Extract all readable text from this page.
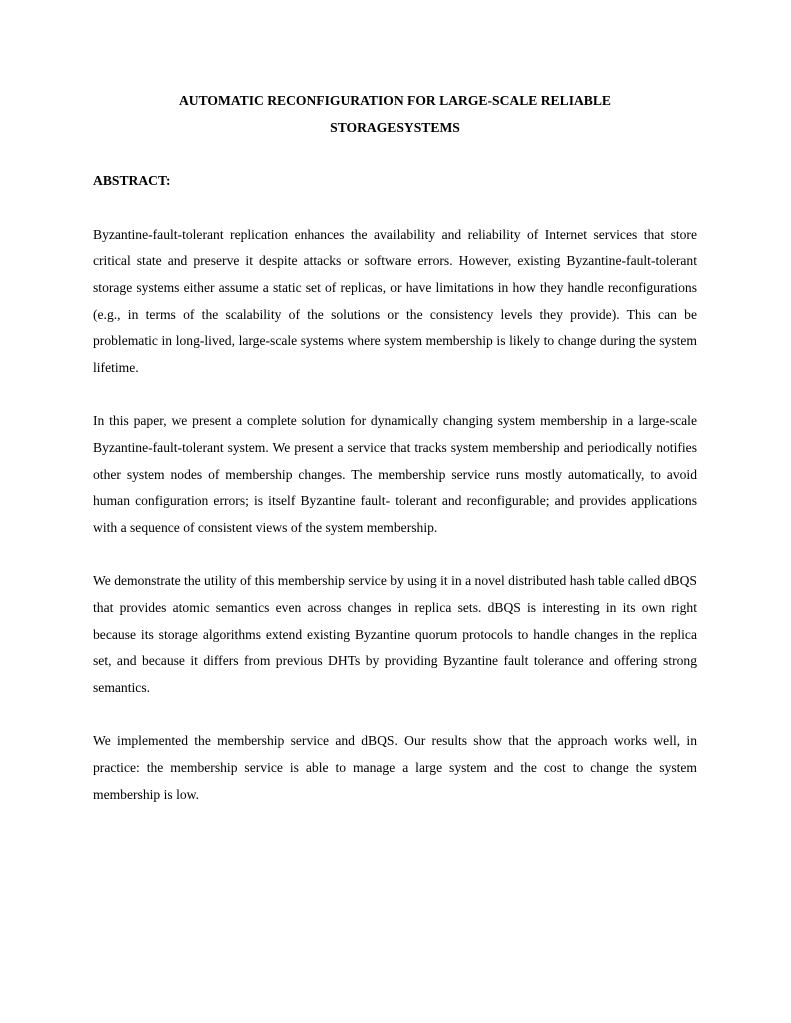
AUTOMATIC RECONFIGURATION FOR LARGE-SCALE RELIABLE
STORAGESYSTEMS
ABSTRACT:

Byzantine-fault-tolerant replication enhances the availability and reliability of Internet services that store critical state and preserve it despite attacks or software errors. However, existing Byzantine-fault-tolerant storage systems either assume a static set of replicas, or have limitations in how they handle reconfigurations (e.g., in terms of the scalability of the solutions or the consistency levels they provide). This can be problematic in long-lived, large-scale systems where system membership is likely to change during the system lifetime.

In this paper, we present a complete solution for dynamically changing system membership in a large-scale Byzantine-fault-tolerant system. We present a service that tracks system membership and periodically notifies other system nodes of membership changes. The membership service runs mostly automatically, to avoid human configuration errors; is itself Byzantine fault- tolerant and reconfigurable; and provides applications with a sequence of consistent views of the system membership.

We demonstrate the utility of this membership service by using it in a novel distributed hash table called dBQS that provides atomic semantics even across changes in replica sets. dBQS is interesting in its own right because its storage algorithms extend existing Byzantine quorum protocols to handle changes in the replica set, and because it differs from previous DHTs by providing Byzantine fault tolerance and offering strong semantics.

We implemented the membership service and dBQS. Our results show that the approach works well, in practice: the membership service is able to manage a large system and the cost to change the system membership is low.
